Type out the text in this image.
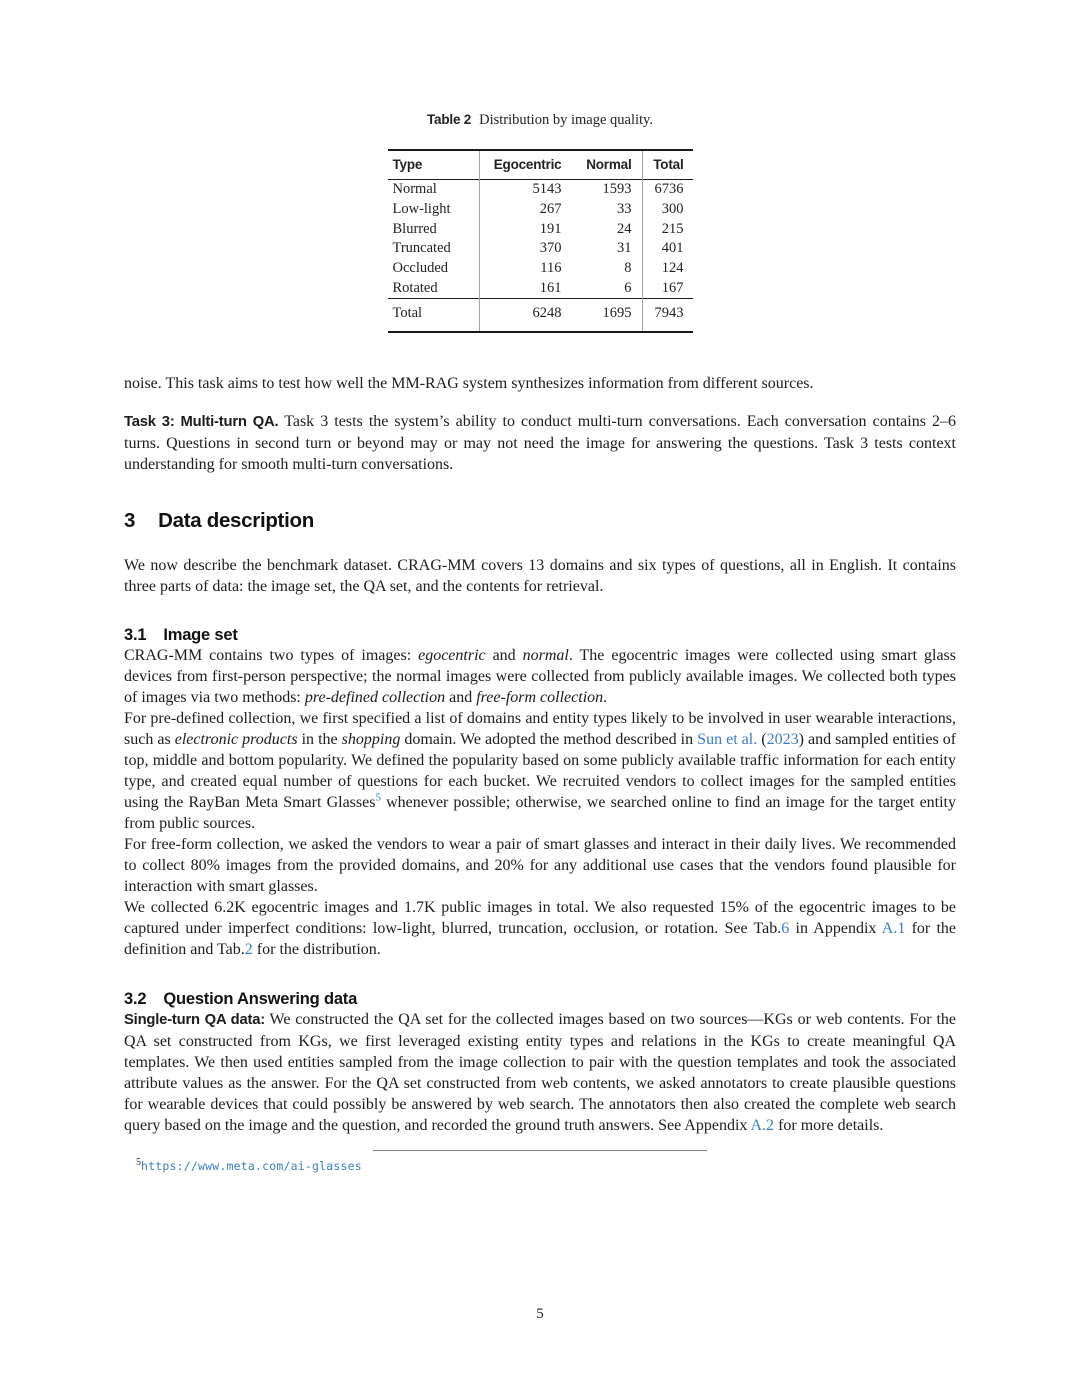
Table 2 Distribution by image quality.
Type	Egocentric	Normal	Total
Normal	5143	1593	6736
Low-light	267	33	300
Blurred	191	24	215
Truncated	370	31	401
Occluded	116	8	124
Rotated	161	6	167
Total	6248	1695	7943

noise. This task aims to test how well the MM-RAG system synthesizes information from different sources.

Task 3: Multi-turn QA. Task 3 tests the system’s ability to conduct multi-turn conversations. Each conversation contains 2–6 turns. Questions in second turn or beyond may or may not need the image for answering the questions. Task 3 tests context understanding for smooth multi-turn conversations.

3 Data description

We now describe the benchmark dataset. CRAG-MM covers 13 domains and six types of questions, all in English. It contains three parts of data: the image set, the QA set, and the contents for retrieval.

3.1 Image set

CRAG-MM contains two types of images: egocentric and normal. The egocentric images were collected using smart glass devices from first-person perspective; the normal images were collected from publicly available images. We collected both types of images via two methods: pre-defined collection and free-form collection.

For pre-defined collection, we first specified a list of domains and entity types likely to be involved in user wearable interactions, such as electronic products in the shopping domain. We adopted the method described in Sun et al. (2023) and sampled entities of top, middle and bottom popularity. We defined the popularity based on some publicly available traffic information for each entity type, and created equal number of questions for each bucket. We recruited vendors to collect images for the sampled entities using the RayBan Meta Smart Glasses$^5$ whenever possible; otherwise, we searched online to find an image for the target entity from public sources.

For free-form collection, we asked the vendors to wear a pair of smart glasses and interact in their daily lives. We recommended to collect 80% images from the provided domains, and 20% for any additional use cases that the vendors found plausible for interaction with smart glasses.

We collected 6.2K egocentric images and 1.7K public images in total. We also requested 15% of the egocentric images to be captured under imperfect conditions: low-light, blurred, truncation, occlusion, or rotation. See Tab.6 in Appendix A.1 for the definition and Tab.2 for the distribution.

3.2 Question Answering data

Single-turn QA data: We constructed the QA set for the collected images based on two sources—KGs or web contents. For the QA set constructed from KGs, we first leveraged existing entity types and relations in the KGs to create meaningful QA templates. We then used entities sampled from the image collection to pair with the question templates and took the associated attribute values as the answer. For the QA set constructed from web contents, we asked annotators to create plausible questions for wearable devices that could possibly be answered by web search. The annotators then also created the complete web search query based on the image and the question, and recorded the ground truth answers. See Appendix A.2 for more details.

$^5$https://www.meta.com/ai-glasses
5
